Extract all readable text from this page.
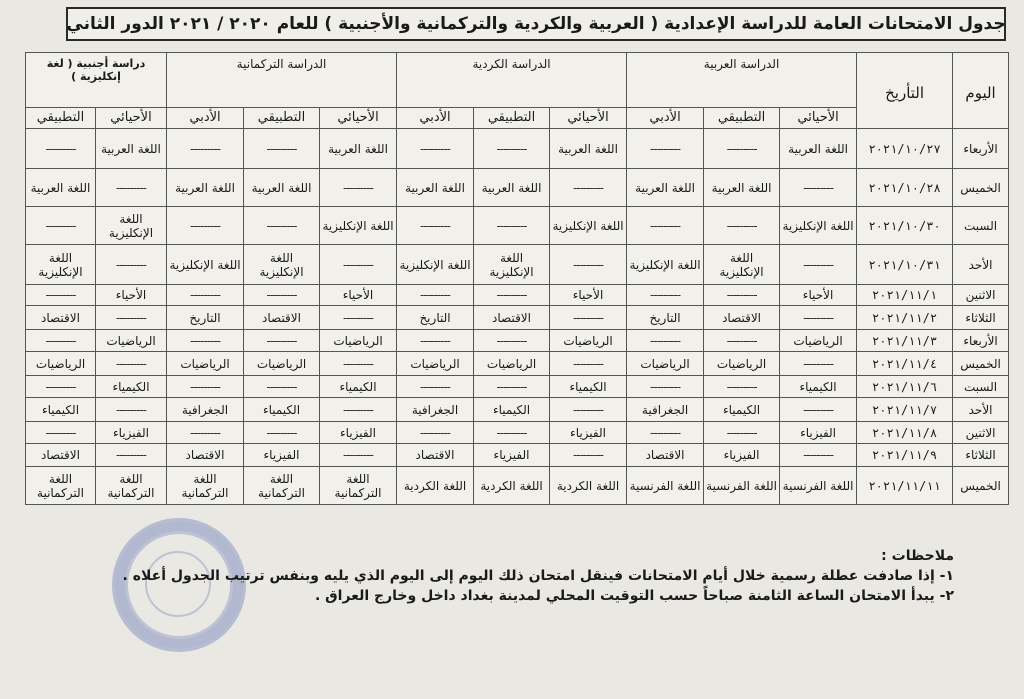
جدول الامتحانات العامة للدراسة الإعدادية ( العربية والكردية والتركمانية والأجنبية ) للعام ٢٠٢٠ / ٢٠٢١ الدور الثاني
اليوم	التأريخ	الدراسة العربية			الدراسة الكردية			الدراسة التركمانية			دراسة أجنبية ( لغة إنكليزية )	
		الأحيائي	التطبيقي	الأدبي	الأحيائي	التطبيقي	الأدبي	الأحيائي	التطبيقي	الأدبي	الأحيائي	التطبيقي
الأربعاء	٢٠٢١/١٠/٢٧	اللغة العربية	---------	---------	اللغة العربية	---------	---------	اللغة العربية	---------	---------	اللغة العربية	---------
الخميس	٢٠٢١/١٠/٢٨	---------	اللغة العربية	اللغة العربية	---------	اللغة العربية	اللغة العربية	---------	اللغة العربية	اللغة العربية	---------	اللغة العربية
السبت	٢٠٢١/١٠/٣٠	اللغة الإنكليزية	---------	---------	اللغة الإنكليزية	---------	---------	اللغة الإنكليزية	---------	---------	اللغة الإنكليزية	---------
الأحد	٢٠٢١/١٠/٣١	---------	اللغة الإنكليزية	اللغة الإنكليزية	---------	اللغة الإنكليزية	اللغة الإنكليزية	---------	اللغة الإنكليزية	اللغة الإنكليزية	---------	اللغة الإنكليزية
الاثنين	٢٠٢١/١١/١	الأحياء	---------	---------	الأحياء	---------	---------	الأحياء	---------	---------	الأحياء	---------
الثلاثاء	٢٠٢١/١١/٢	---------	الاقتصاد	التاريخ	---------	الاقتصاد	التاريخ	---------	الاقتصاد	التاريخ	---------	الاقتصاد
الأربعاء	٢٠٢١/١١/٣	الرياضيات	---------	---------	الرياضيات	---------	---------	الرياضيات	---------	---------	الرياضيات	---------
الخميس	٢٠٢١/١١/٤	---------	الرياضيات	الرياضيات	---------	الرياضيات	الرياضيات	---------	الرياضيات	الرياضيات	---------	الرياضيات
السبت	٢٠٢١/١١/٦	الكيمياء	---------	---------	الكيمياء	---------	---------	الكيمياء	---------	---------	الكيمياء	---------
الأحد	٢٠٢١/١١/٧	---------	الكيمياء	الجغرافية	---------	الكيمياء	الجغرافية	---------	الكيمياء	الجغرافية	---------	الكيمياء
الاثنين	٢٠٢١/١١/٨	الفيزياء	---------	---------	الفيزياء	---------	---------	الفيزياء	---------	---------	الفيزياء	---------
الثلاثاء	٢٠٢١/١١/٩	---------	الفيزياء	الاقتصاد	---------	الفيزياء	الاقتصاد	---------	الفيزياء	الاقتصاد	---------	الاقتصاد
الخميس	٢٠٢١/١١/١١	اللغة الفرنسية	اللغة الفرنسية	اللغة الفرنسية	اللغة الكردية	اللغة الكردية	اللغة الكردية	اللغة التركمانية	اللغة التركمانية	اللغة التركمانية	اللغة التركمانية	اللغة التركمانية
ملاحظات :
١- إذا صادفت عطلة رسمية خلال أيام الامتحانات فينقل امتحان ذلك اليوم إلى اليوم الذي يليه وبنفس ترتيب الجدول أعلاه .
٢- يبدأ الامتحان الساعة الثامنة صباحاً حسب التوقيت المحلي لمدينة بغداد داخل وخارج العراق .
